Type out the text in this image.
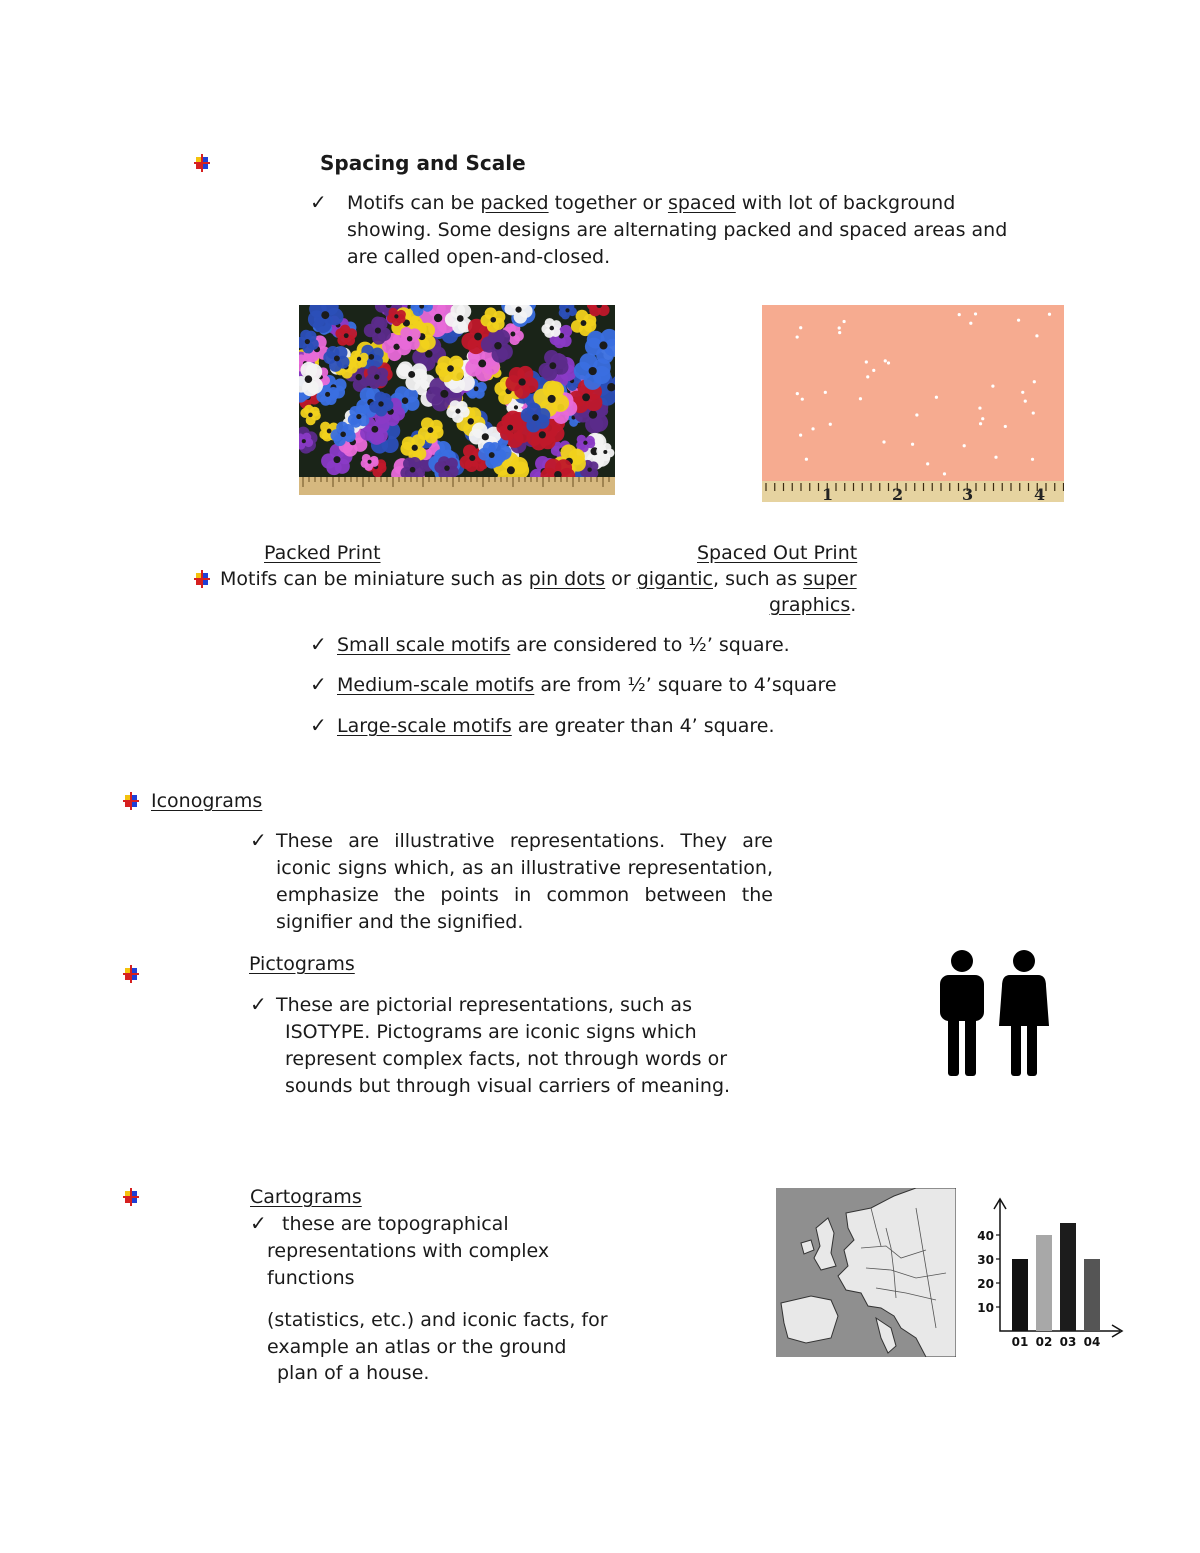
Spacing and Scale
✓ Motifs can be packed together or spaced with lot of background
showing. Some designs are alternating packed and spaced areas and
are called open-and-closed.
1	2	3	4
Packed Print	Spaced Out Print
Motifs can be miniature such as pin dots or gigantic, such as super
graphics.
✓ Small scale motifs are considered to ½’ square.
✓ Medium-scale motifs are from ½’ square to 4’square
✓ Large-scale motifs are greater than 4’ square.
Iconograms
✓ These are illustrative representations. They are
iconic signs which, as an illustrative representation,
emphasize the points in common between the
signifier and the signified.
Pictograms
✓ These are pictorial representations, such as
ISOTYPE. Pictograms are iconic signs which
represent complex facts, not through words or
sounds but through visual carriers of meaning.
Cartograms
✓ these are topographical
representations with complex
functions
(statistics, etc.) and iconic facts, for
example an atlas or the ground
plan of a house.
10
20
30
40
01 02 03 04
